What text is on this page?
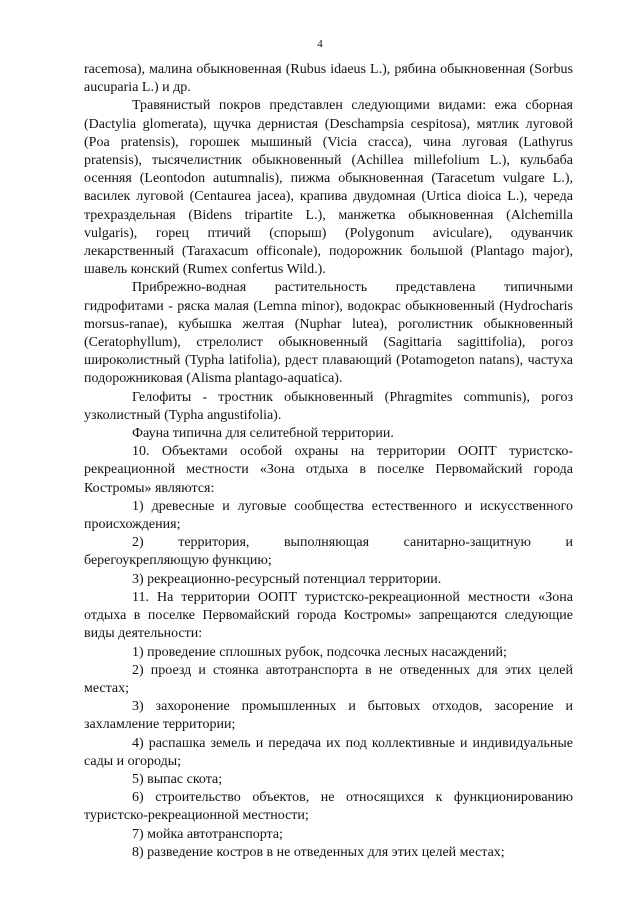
4

racemosa), малина обыкновенная (Rubus idaeus L.), рябина обыкновенная (Sorbus aucuparia L.) и др.

Травянистый покров представлен следующими видами: ежа сборная (Dactylia glomerata), щучка дернистая (Deschampsia cespitosa), мятлик луговой (Poa pratensis), горошек мышиный (Vicia cracca), чина луговая (Lathyrus pratensis), тысячелистник обыкновенный (Achillea millefolium L.), кульбаба осенняя (Leontodon autumnalis), пижма обыкновенная (Taracetum vulgare L.), василек луговой (Centaurea jacea), крапива двудомная (Urtica dioica L.), череда трехраздельная (Bidens tripartite L.), манжетка обыкновенная (Alchemilla vulgaris), горец птичий (спорыш) (Polygonum aviculare), одуванчик лекарственный (Taraxacum officonale), подорожник большой (Plantago major), шавель конский (Rumex confertus Wild.).

Прибрежно-водная растительность представлена типичными гидрофитами - ряска малая (Lemna minor), водокрас обыкновенный (Hydrocharis morsus-ranae), кубышка желтая (Nuphar lutea), роголистник обыкновенный (Ceratophyllum), стрелолист обыкновенный (Sagittaria sagittifolia), рогоз широколистный (Typha latifolia), рдест плавающий (Potamogeton natans), частуха подорожниковая (Alisma plantago-aquatica).

Гелофиты - тростник обыкновенный (Phragmites communis), рогоз узколистный (Typha angustifolia).

Фауна типична для селитебной территории.

10. Объектами особой охраны на территории ООПТ туристско-рекреационной местности «Зона отдыха в поселке Первомайский города Костромы» являются:

1) древесные и луговые сообщества естественного и искусственного происхождения;

2) территория, выполняющая санитарно-защитную и берегоукрепляющую функцию;

3) рекреационно-ресурсный потенциал территории.

11. На территории ООПТ туристско-рекреационной местности «Зона отдыха в поселке Первомайский города Костромы» запрещаются следующие виды деятельности:

1) проведение сплошных рубок, подсочка лесных насаждений;

2) проезд и стоянка автотранспорта в не отведенных для этих целей местах;

3) захоронение промышленных и бытовых отходов, засорение и захламление территории;

4) распашка земель и передача их под коллективные и индивидуальные сады и огороды;

5) выпас скота;

6) строительство объектов, не относящихся к функционированию туристско-рекреационной местности;

7) мойка автотранспорта;

8) разведение костров в не отведенных для этих целей местах;
